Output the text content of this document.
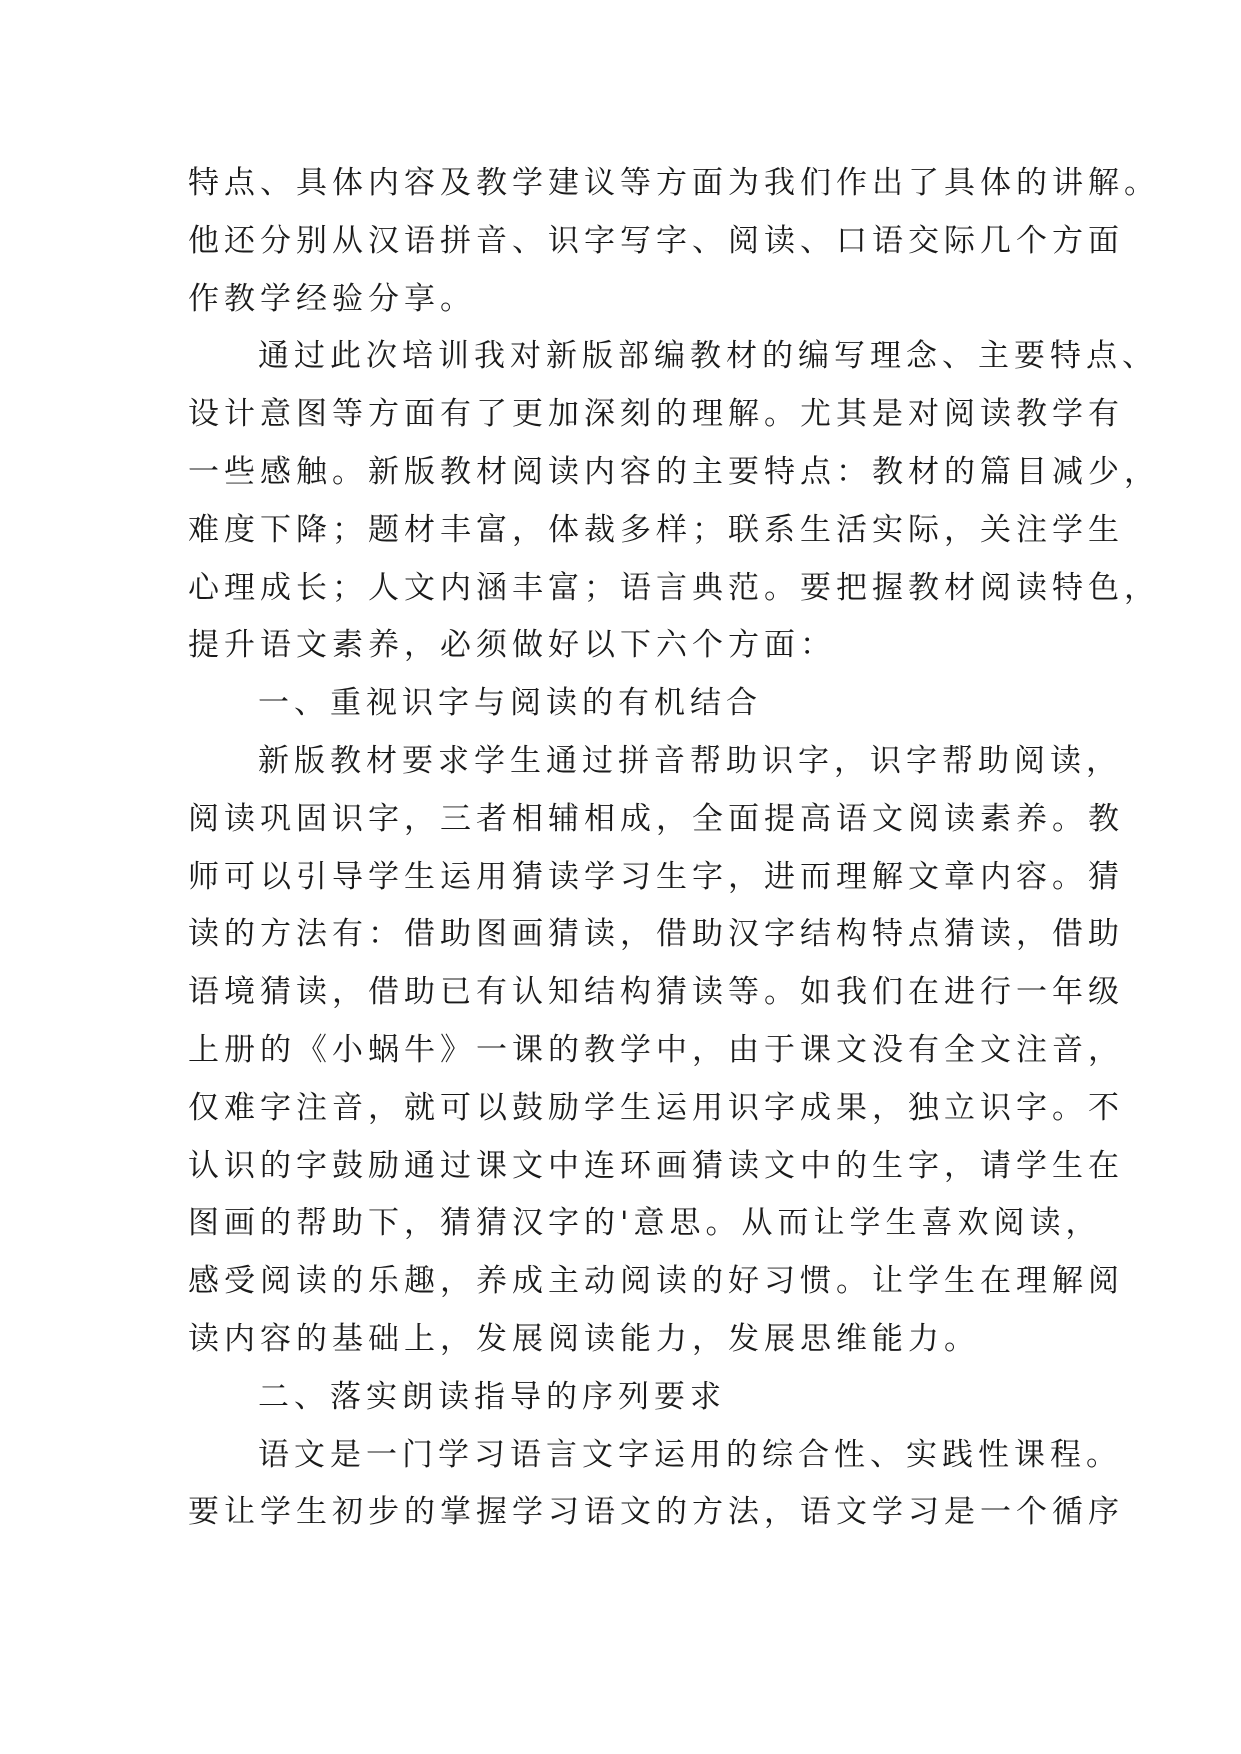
特点、具体内容及教学建议等方面为我们作出了具体的讲解。
他还分别从汉语拼音、识字写字、阅读、口语交际几个方面
作教学经验分享。
通过此次培训我对新版部编教材的编写理念、主要特点、
设计意图等方面有了更加深刻的理解。尤其是对阅读教学有
一些感触。新版教材阅读内容的主要特点：教材的篇目减少，
难度下降；题材丰富，体裁多样；联系生活实际，关注学生
心理成长；人文内涵丰富；语言典范。要把握教材阅读特色，
提升语文素养，必须做好以下六个方面：
一、重视识字与阅读的有机结合
新版教材要求学生通过拼音帮助识字，识字帮助阅读，
阅读巩固识字，三者相辅相成，全面提高语文阅读素养。教
师可以引导学生运用猜读学习生字，进而理解文章内容。猜
读的方法有：借助图画猜读，借助汉字结构特点猜读，借助
语境猜读，借助已有认知结构猜读等。如我们在进行一年级
上册的《小蜗牛》一课的教学中，由于课文没有全文注音，
仅难字注音，就可以鼓励学生运用识字成果，独立识字。不
认识的字鼓励通过课文中连环画猜读文中的生字，请学生在
图画的帮助下，猜猜汉字的'意思。从而让学生喜欢阅读，
感受阅读的乐趣，养成主动阅读的好习惯。让学生在理解阅
读内容的基础上，发展阅读能力，发展思维能力。
二、落实朗读指导的序列要求
语文是一门学习语言文字运用的综合性、实践性课程。
要让学生初步的掌握学习语文的方法，语文学习是一个循序
